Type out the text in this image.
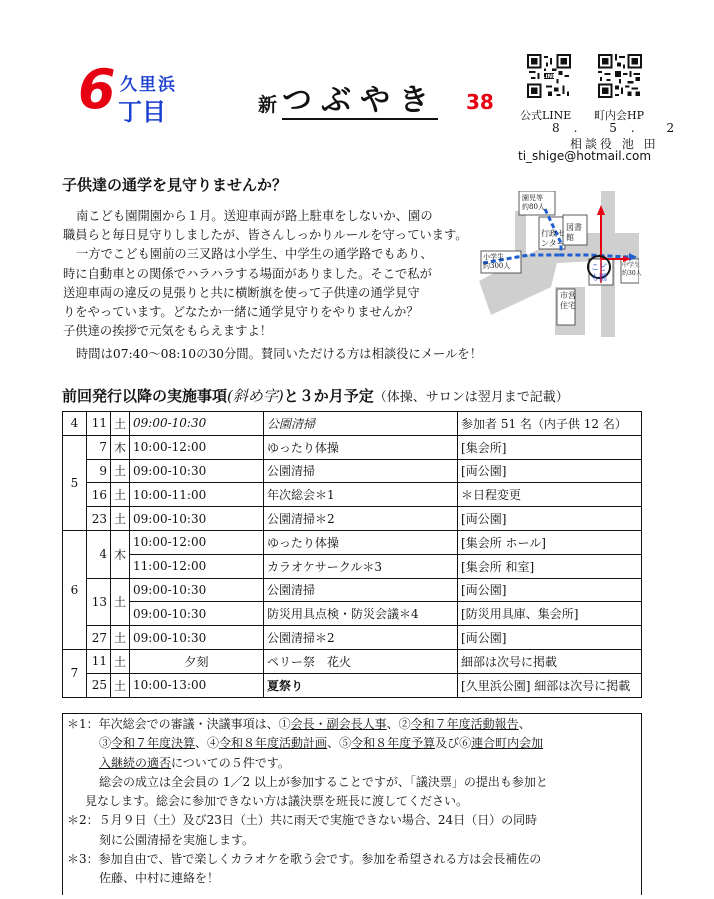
6 久里浜
丁目	新 つぶやき 38
LINE
公式LINE 町内会HP
8. 5. 2
相談役 池 田
ti_shige@hotmail.com
子供達の通学を見守りませんか？

南こども園開園から１月。送迎車両が路上駐車をしないか、園の

職員らと毎日見守りしましたが、皆さんしっかりルールを守っています。

一方でこども園前の三叉路は小学生、中学生の通学路でもあり、

時に自動車との関係でハラハラする場面がありました。そこで私が

送迎車両の違反の見張りと共に横断旗を使って子供達の通学見守

りをやっています。どなたか一緒に通学見守りをやりませんか？

子供達の挨拶で元気をもらえますよ！

時間は07:40～08:10の30分間。賛同いただける方は相談役にメールを！

園児等
約80人
行政セ
ンター
図書
館
小学生
約300人	中学生
約30人
こど
も園
市営
住宅
前回発行以降の実施事項(斜め字)と３か月予定（体操、サロンは翌月まで記載）
4	11	土	09:00-10:30	公園清掃	参加者 51 名（内子供 12 名）
5	7	木	10:00-12:00	ゆったり体操	[集会所]
	9	土	09:00-10:30	公園清掃	[両公園]
	16	土	10:00-11:00	年次総会＊1	＊日程変更
	23	土	09:00-10:30	公園清掃＊2	[両公園]
6	4	木	10:00-12:00	ゆったり体操	[集会所 ホール]
			11:00-12:00	カラオケサークル＊3	[集会所 和室]
	13	土	09:00-10:30	公園清掃	[両公園]
			09:00-10:30	防災用具点検・防災会議＊4	[防災用具庫、集会所]
	27	土	09:00-10:30	公園清掃＊2	[両公園]
7	11	土	夕刻	ペリー祭　花火	細部は次号に掲載
	25	土	10:00-13:00	夏祭り	[久里浜公園] 細部は次号に掲載

＊1：年次総会での審議・決議事項は、①会長・副会長人事、②令和７年度活動報告、

③令和７年度決算、④令和８年度活動計画、⑤令和８年度予算及び⑥連合町内会加

入継続の適否についての５件です。

総会の成立は全会員の 1／2 以上が参加することですが、「議決票」の提出も参加と

見なします。総会に参加できない方は議決票を班長に渡してください。

＊2：５月９日（土）及び23日（土）共に雨天で実施できない場合、24日（日）の同時

刻に公園清掃を実施します。

＊3：参加自由で、皆で楽しくカラオケを歌う会です。参加を希望される方は会長補佐の

佐藤、中村に連絡を！
